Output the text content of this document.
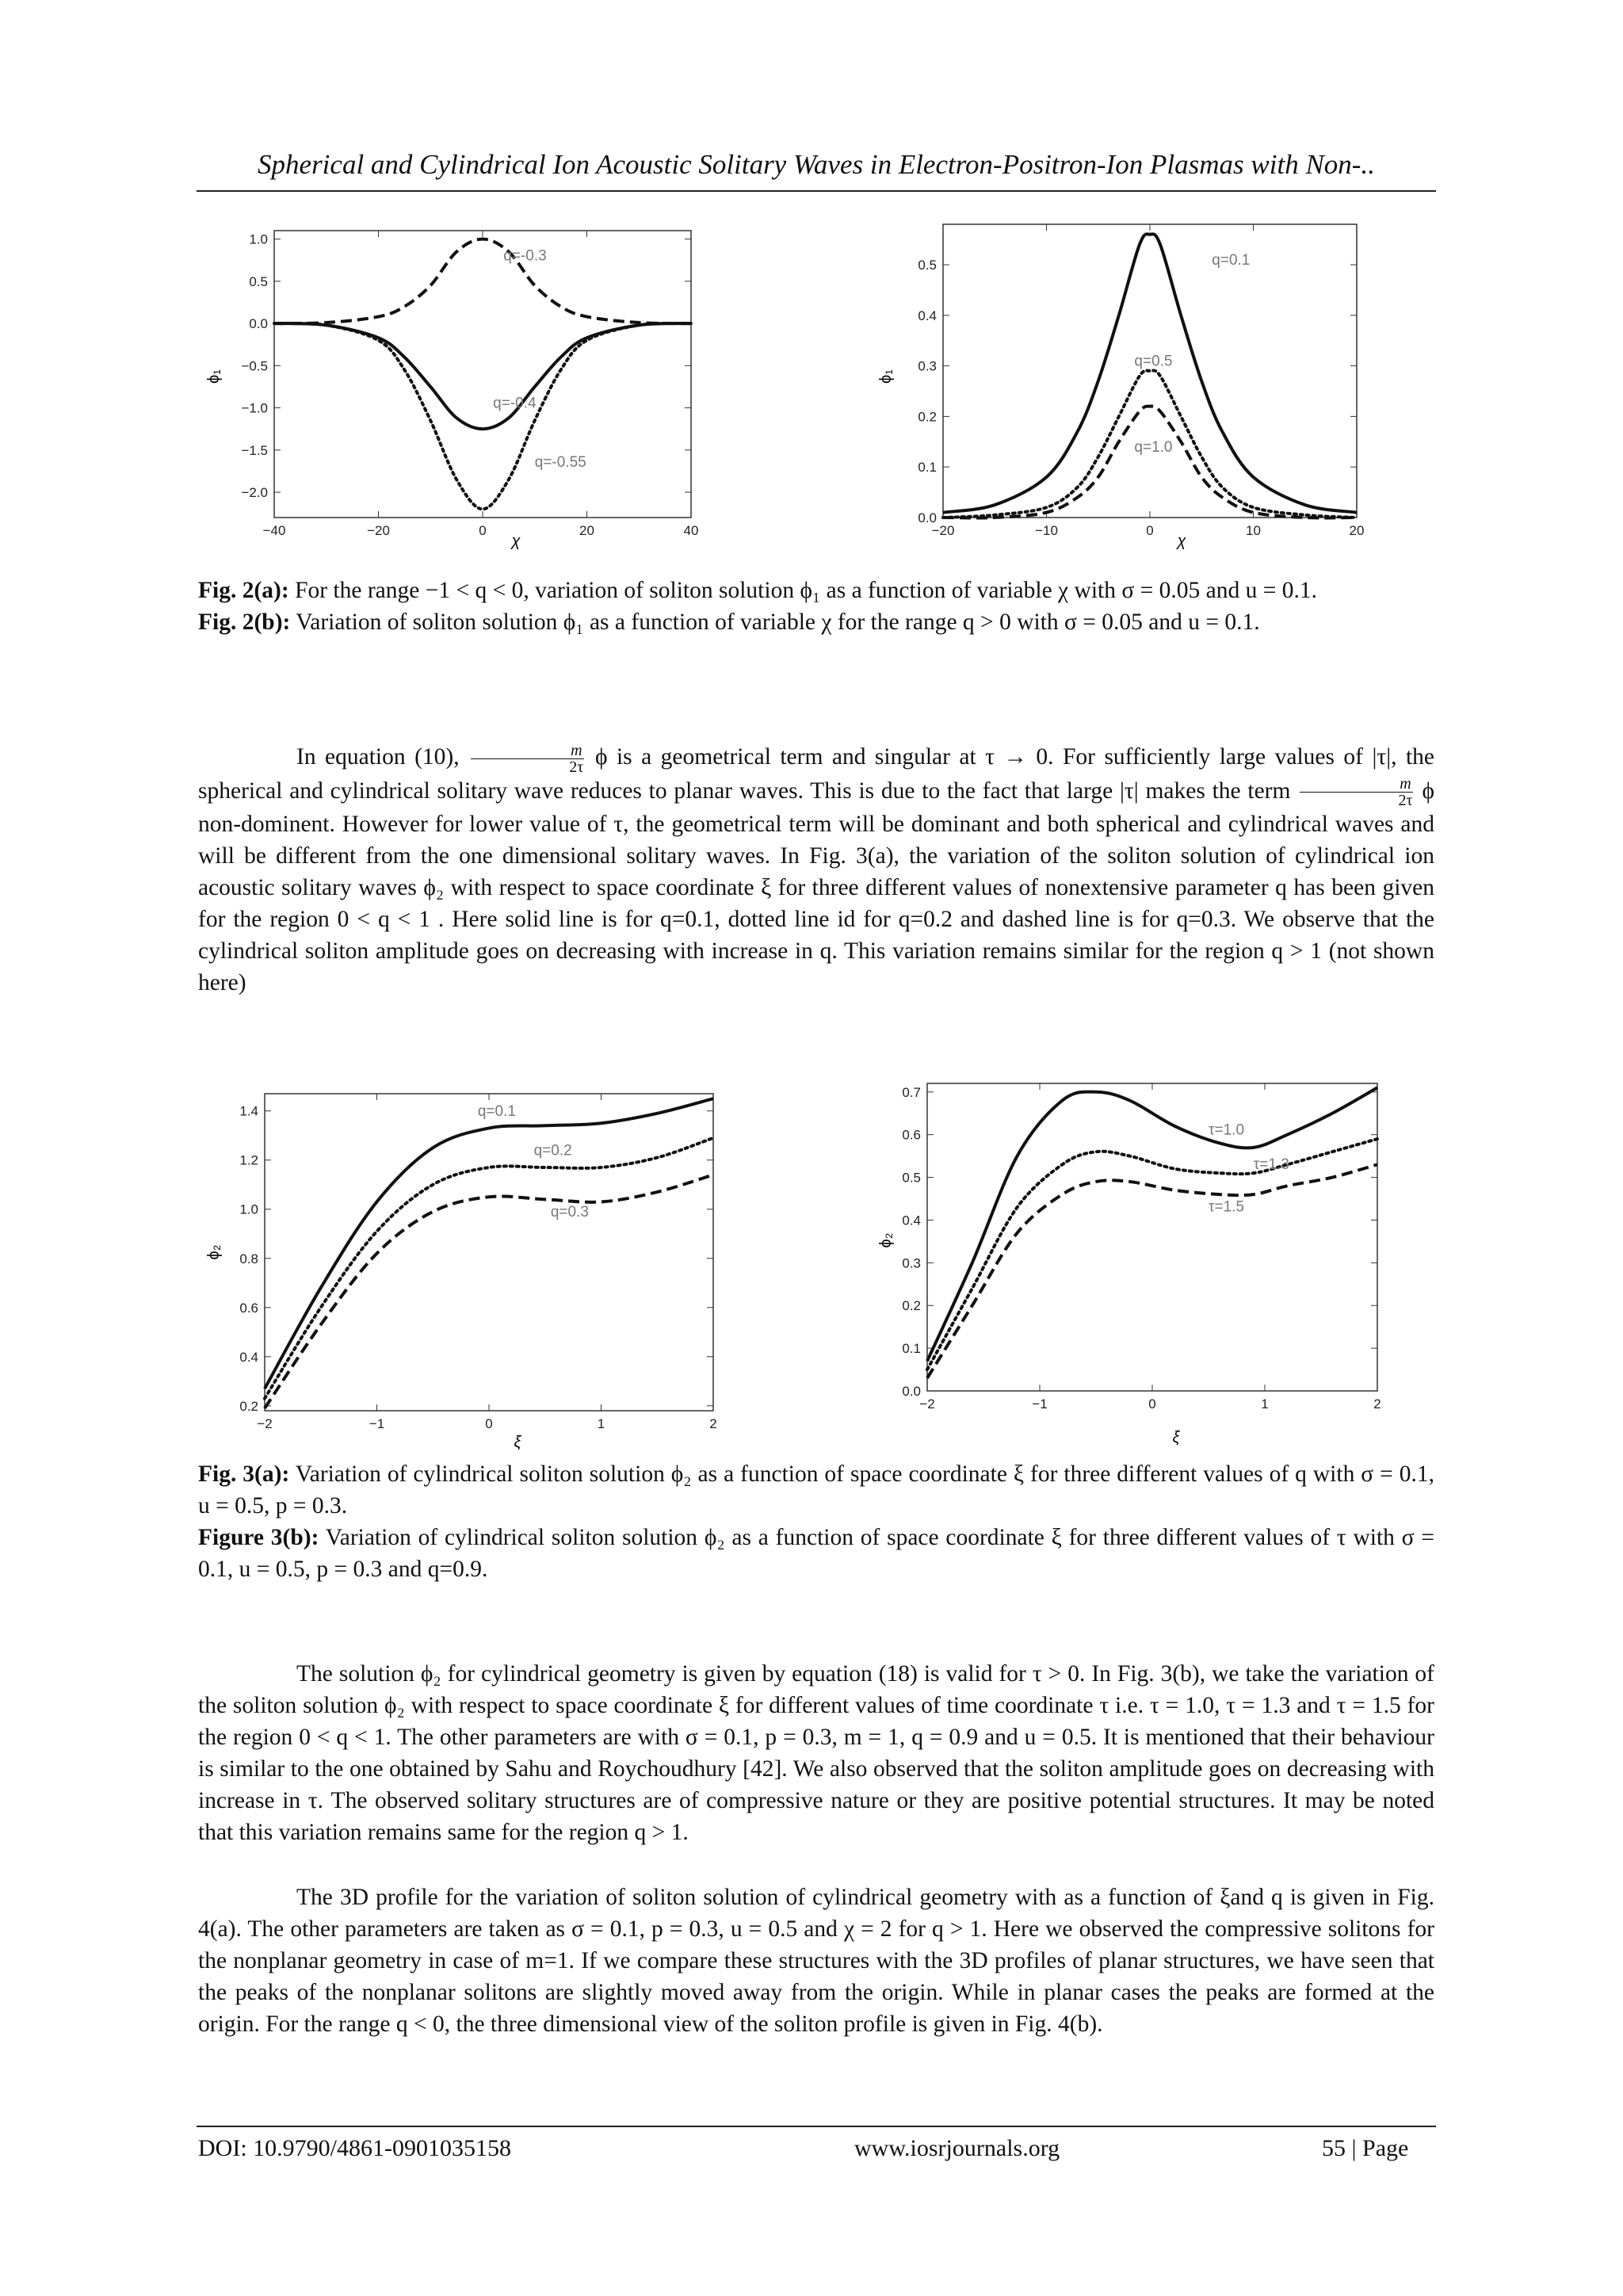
Spherical and Cylindrical Ion Acoustic Solitary Waves in Electron-Positron-Ion Plasmas with Non-..
ϕ₁
χ
−40	−20	0	20	40
1.0
0.5
0.0
−0.5
−1.0
−1.5
−2.0
q=-0.3
q=-0.4
q=-0.55
ϕ₁
χ
−20	−10	0	10	20
0.0
0.1
0.2
0.3
0.4
0.5	q=0.1
q=0.5
q=1.0
Fig. 2(a): For the range −1 < q < 0, variation of soliton solution ϕ₁ as a function of variable χ with σ = 0.05 and u = 0.1.
Fig. 2(b): Variation of soliton solution ϕ₁ as a function of variable χ for the range q > 0 with σ = 0.05 and u = 0.1.
In equation (10), $\frac{m}{2\tau}$ ϕ is a geometrical term and singular at τ → 0. For sufficiently large values of |τ|, the spherical and cylindrical solitary wave reduces to planar waves. This is due to the fact that large |τ| makes the term $\frac{m}{2\tau}$ ϕ non-dominent. However for lower value of τ, the geometrical term will be dominant and both spherical and cylindrical waves and will be different from the one dimensional solitary waves. In Fig. 3(a), the variation of the soliton solution of cylindrical ion acoustic solitary waves ϕ₂ with respect to space coordinate ξ for three different values of nonextensive parameter q has been given for the region 0 < q < 1 . Here solid line is for q=0.1, dotted line id for q=0.2 and dashed line is for q=0.3. We observe that the cylindrical soliton amplitude goes on decreasing with increase in q. This variation remains similar for the region q > 1 (not shown here)
ϕ₂
ξ
−2	−1	0	1	2
0.2
0.4
0.6
0.8
1.0
1.2
1.4	q=0.1
q=0.2
q=0.3
ϕ₂
ξ
−2	−1	0	1	2
0.0
0.1
0.2
0.3
0.4
0.5
0.6
0.7
τ=1.0
τ=1.3
τ=1.5
Fig. 3(a): Variation of cylindrical soliton solution ϕ₂ as a function of space coordinate ξ for three different values of q with σ = 0.1, u = 0.5, p = 0.3.
Figure 3(b): Variation of cylindrical soliton solution ϕ₂ as a function of space coordinate ξ for three different values of τ with σ = 0.1, u = 0.5, p = 0.3 and q=0.9.

The solution ϕ₂ for cylindrical geometry is given by equation (18) is valid for τ > 0. In Fig. 3(b), we take the variation of the soliton solution ϕ₂ with respect to space coordinate ξ for different values of time coordinate τ i.e. τ = 1.0, τ = 1.3 and τ = 1.5 for the region 0 < q < 1. The other parameters are with σ = 0.1, p = 0.3, m = 1, q = 0.9 and u = 0.5. It is mentioned that their behaviour is similar to the one obtained by Sahu and Roychoudhury [42]. We also observed that the soliton amplitude goes on decreasing with increase in τ. The observed solitary structures are of compressive nature or they are positive potential structures. It may be noted that this variation remains same for the region q > 1.

The 3D profile for the variation of soliton solution of cylindrical geometry with as a function of ξand q is given in Fig. 4(a). The other parameters are taken as σ = 0.1, p = 0.3, u = 0.5 and χ = 2 for q > 1. Here we observed the compressive solitons for the nonplanar geometry in case of m=1. If we compare these structures with the 3D profiles of planar structures, we have seen that the peaks of the nonplanar solitons are slightly moved away from the origin. While in planar cases the peaks are formed at the origin. For the range q < 0, the three dimensional view of the soliton profile is given in Fig. 4(b).

DOI: 10.9790/4861-0901035158	www.iosrjournals.org	55 | Page
